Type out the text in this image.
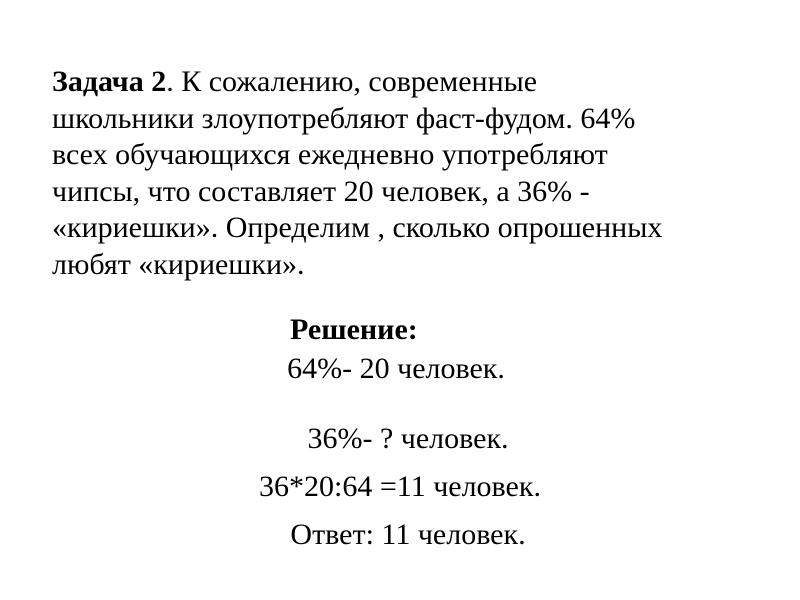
Задача 2. К сожалению, современные
школьники злоупотребляют фаст-фудом. 64%
всех обучающихся ежедневно употребляют
чипсы, что составляет 20 человек, а 36% -
«кириешки». Определим , сколько опрошенных
любят «кириешки».
Решение:
64%- 20 человек.
36%- ? человек.
36*20:64 =11 человек.
Ответ: 11 человек.
